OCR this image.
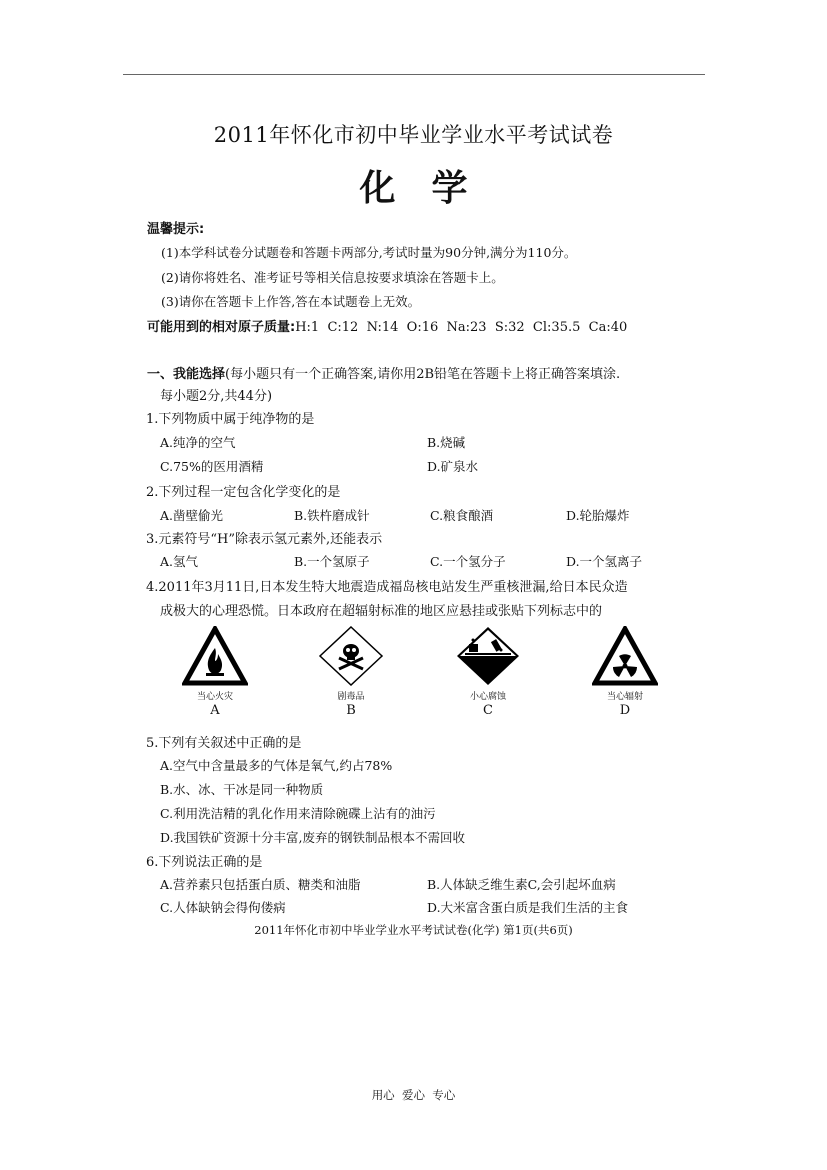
2011年怀化市初中毕业学业水平考试试卷
化学
温馨提示:
(1)本学科试卷分试题卷和答题卡两部分,考试时量为90分钟,满分为110分。
(2)请你将姓名、准考证号等相关信息按要求填涂在答题卡上。
(3)请你在答题卡上作答,答在本试题卷上无效。
可能用到的相对原子质量:H:1  C:12  N:14  O:16  Na:23  S:32  Cl:35.5  Ca:40
一、我能选择(每小题只有一个正确答案,请你用2B铅笔在答题卡上将正确答案填涂.
每小题2分,共44分)
1.下列物质中属于纯净物的是
A.纯净的空气	B.烧碱
C.75%的医用酒精	D.矿泉水
2.下列过程一定包含化学变化的是
A.凿壁偷光	B.铁杵磨成针	C.粮食酿酒	D.轮胎爆炸
3.元素符号“H”除表示氢元素外,还能表示
A.氢气	B.一个氢原子	C.一个氢分子	D.一个氢离子
4.2011年3月11日,日本发生特大地震造成福岛核电站发生严重核泄漏,给日本民众造
成极大的心理恐慌。日本政府在超辐射标准的地区应悬挂或张贴下列标志中的
当心火灾
A
剧毒品
B
小心腐蚀
C
当心辐射
D
5.下列有关叙述中正确的是
A.空气中含量最多的气体是氧气,约占78%
B.水、冰、干冰是同一种物质
C.利用洗洁精的乳化作用来清除碗碟上沾有的油污
D.我国铁矿资源十分丰富,废弃的钢铁制品根本不需回收
6.下列说法正确的是
A.营养素只包括蛋白质、糖类和油脂	B.人体缺乏维生素C,会引起坏血病
C.人体缺钠会得佝偻病	D.大米富含蛋白质是我们生活的主食
2011年怀化市初中毕业学业水平考试试卷(化学) 第1页(共6页)
用心  爱心  专心
